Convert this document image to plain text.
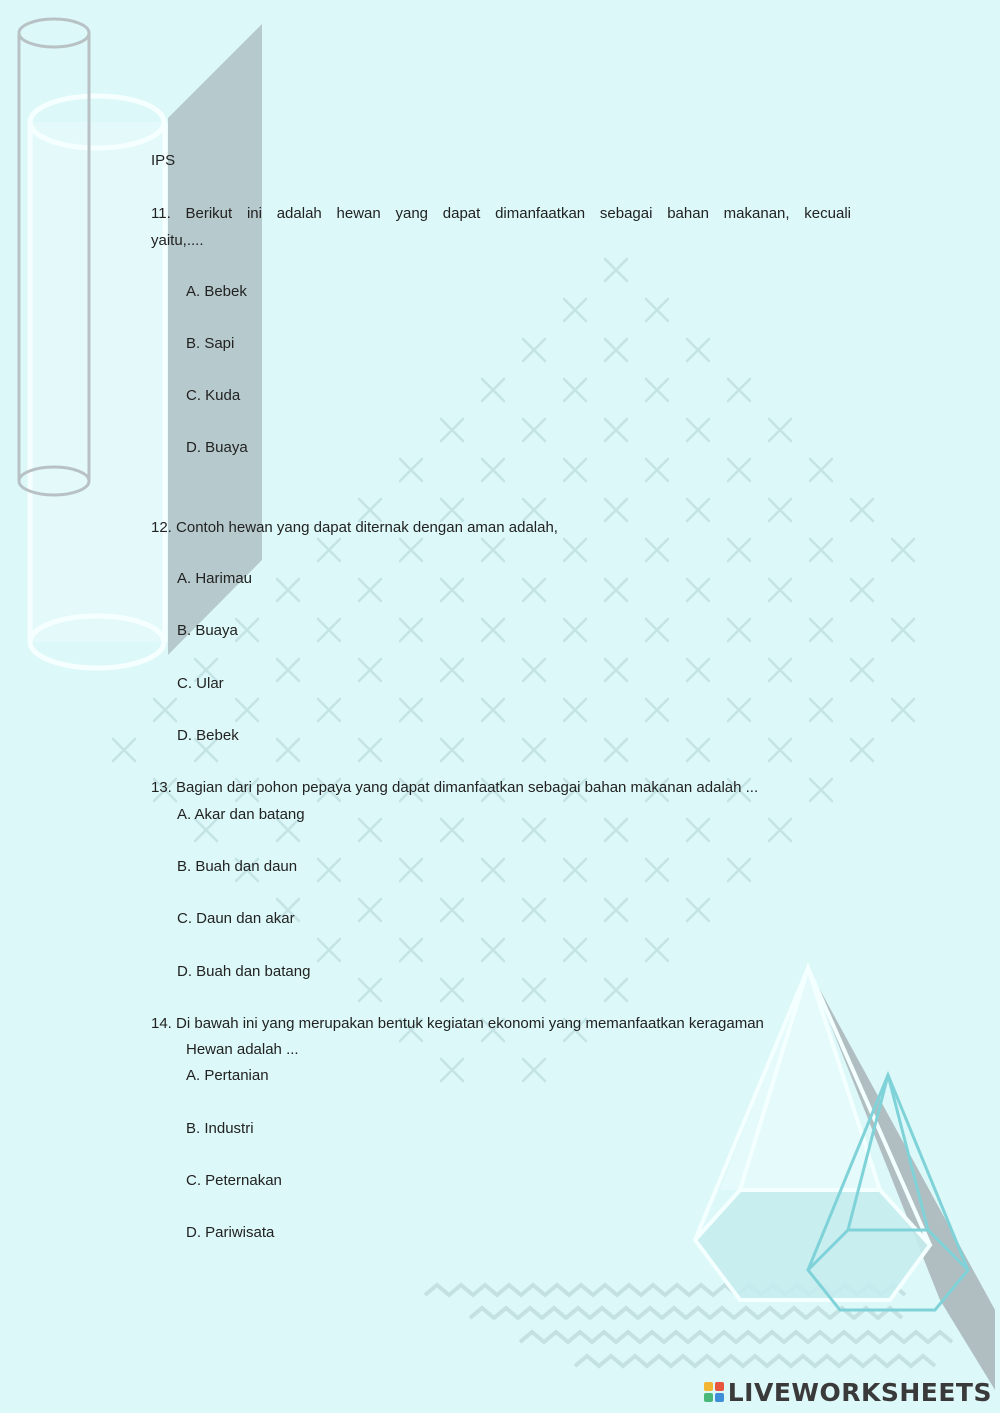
IPS
11. Berikut ini adalah hewan yang dapat dimanfaatkan sebagai bahan makanan, kecuali
yaitu,....
A. Bebek
B. Sapi
C. Kuda
D. Buaya
12. Contoh hewan yang dapat diternak dengan aman adalah,
A. Harimau
B. Buaya
C. Ular
D. Bebek
13. Bagian dari pohon pepaya yang dapat dimanfaatkan sebagai bahan makanan adalah ...
A. Akar dan batang
B. Buah dan daun
C. Daun dan akar
D. Buah dan batang
14. Di bawah ini yang merupakan bentuk kegiatan ekonomi yang memanfaatkan keragaman
Hewan adalah ...
A. Pertanian
B. Industri
C. Peternakan
D. Pariwisata
LIVEWORKSHEETS
